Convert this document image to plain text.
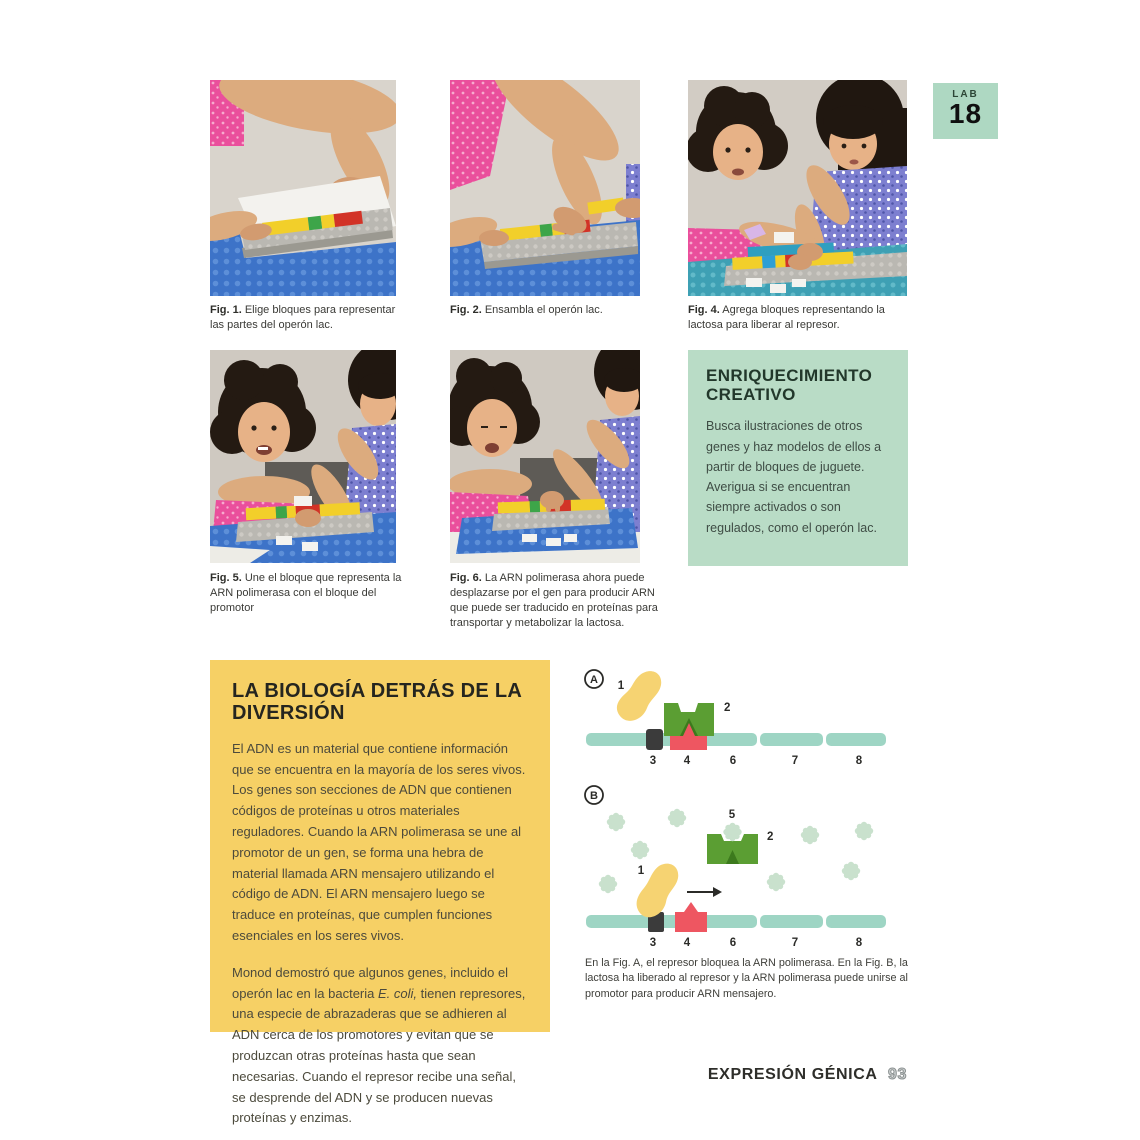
LAB
18
Fig. 1. Elige bloques para representar las partes del operón lac.
Fig. 2. Ensambla el operón lac.	Fig. 4. Agrega bloques representando la lactosa para liberar al represor.
ENRIQUECIMIENTO CREATIVO

Busca ilustraciones de otros genes y haz modelos de ellos a partir de bloques de juguete. Averigua si se encuentran siempre activados o son regulados, como el operón lac.

Fig. 5. Une el bloque que representa la ARN polimerasa con el bloque del promotor
Fig. 6. La ARN polimerasa ahora puede desplazarse por el gen para producir ARN que puede ser traducido en proteínas para transportar y metabolizar la lactosa.
LA BIOLOGÍA DETRÁS DE LA DIVERSIÓN

El ADN es un material que contiene información que se encuentra en la mayoría de los seres vivos. Los genes son secciones de ADN que contienen códigos de proteínas u otros materiales reguladores. Cuando la ARN polimerasa se une al promotor de un gen, se forma una hebra de material llamada ARN mensajero utilizando el código de ADN. El ARN mensajero luego se traduce en proteínas, que cumplen funciones esenciales en los seres vivos.

Monod demostró que algunos genes, incluido el operón lac en la bacteria E. coli, tienen represores, una especie de abrazaderas que se adhieren al ADN cerca de los promotores y evitan que se produzcan otras proteínas hasta que sean necesarias. Cuando el represor recibe una señal, se desprende del ADN y se producen nuevas proteínas y enzimas.

A 1
2
3 4	6	7	8
B
5
2
1
3 4	6	7	8
En la Fig. A, el represor bloquea la ARN polimerasa. En la Fig. B, la lactosa ha liberado al represor y la ARN polimerasa puede unirse al promotor para producir ARN mensajero.
EXPRESIÓN GÉNICA 93
